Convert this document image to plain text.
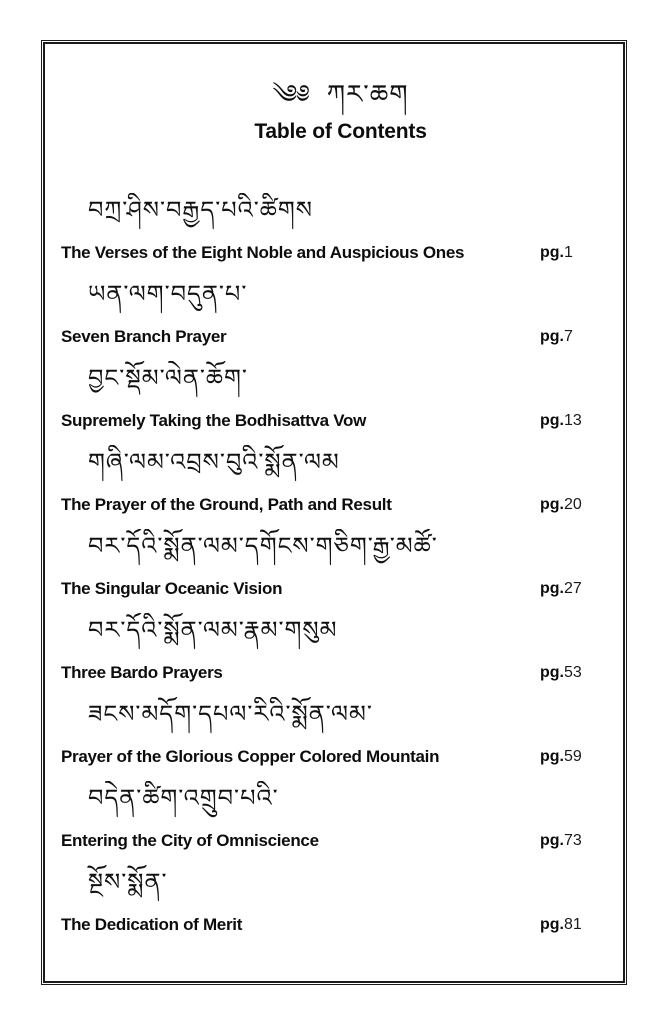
༄༅ ཀར་ཆག
Table of Contents
བཀྲ་ཤིས་བརྒྱད་པའི་ཚིགས
The Verses of the Eight Noble and Auspicious Ones	pg.1
ཡན་ལག་བདུན་པ་
Seven Branch Prayer	pg.7
བྱང་སྡོམ་ལེན་ཆོག་
Supremely Taking the Bodhisattva Vow	pg.13
གཞི་ལམ་འབྲས་བུའི་སྨོན་ལམ
The Prayer of the Ground, Path and Result	pg.20
བར་དོའི་སྨོན་ལམ་དགོངས་གཅིག་རྒྱ་མཚོ་
The Singular Oceanic Vision	pg.27
བར་དོའི་སྨོན་ལམ་རྣམ་གསུམ
Three Bardo Prayers	pg.53
ཟངས་མདོག་དཔལ་རིའི་སྨོན་ལམ་
Prayer of the Glorious Copper Colored Mountain	pg.59
བདེན་ཚིག་འགྲུབ་པའི་
Entering the City of Omniscience	pg.73
སྔོས་སྨོན་
The Dedication of Merit	pg.81
